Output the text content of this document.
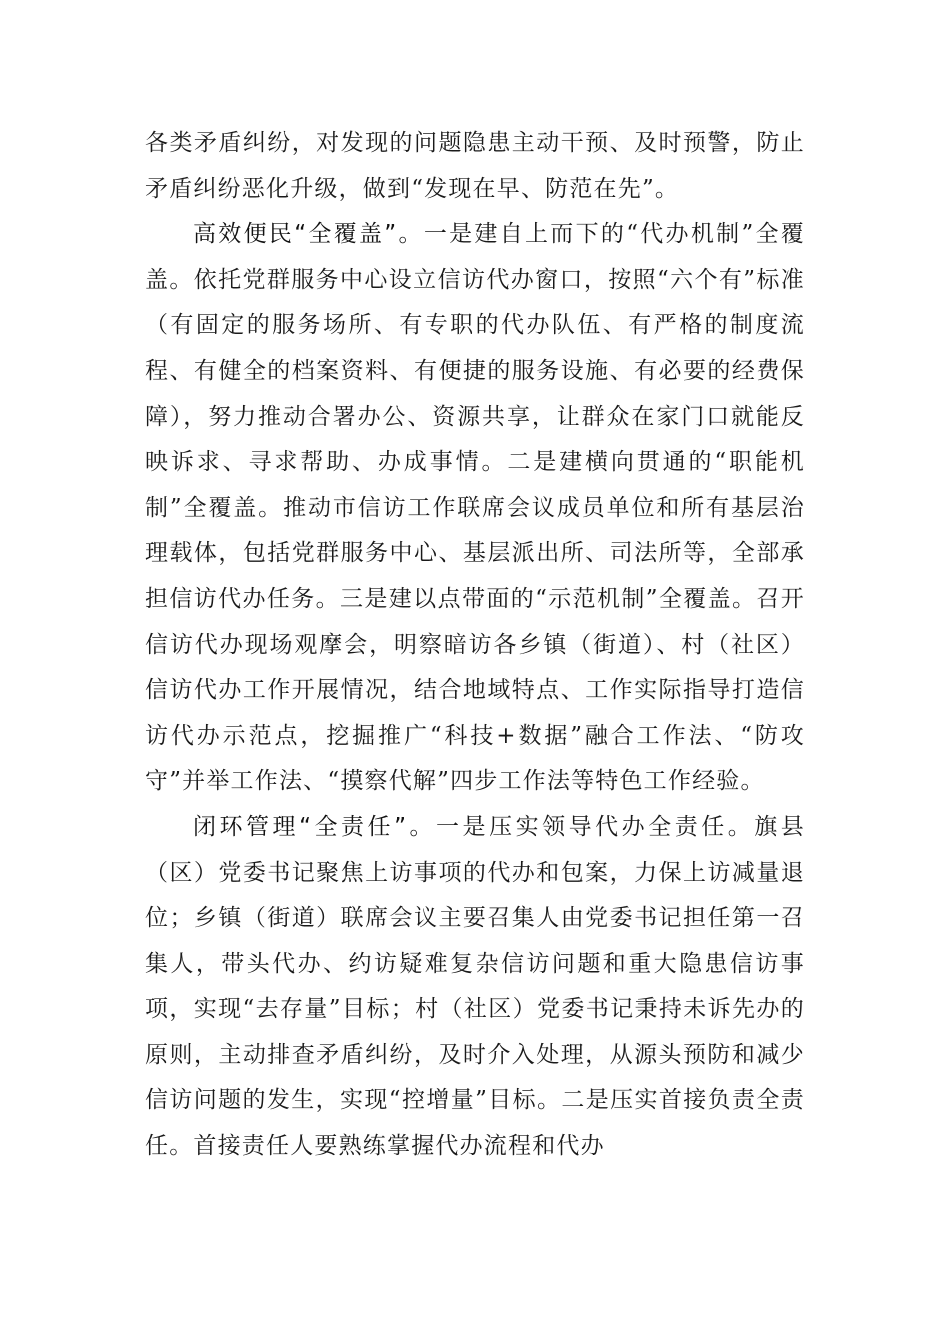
各类矛盾纠纷，对发现的问题隐患主动干预、及时预警，防止矛盾纠纷恶化升级，做到“发现在早、防范在先”。

高效便民“全覆盖”。一是建自上而下的“代办机制”全覆盖。依托党群服务中心设立信访代办窗口，按照“六个有”标准（有固定的服务场所、有专职的代办队伍、有严格的制度流程、有健全的档案资料、有便捷的服务设施、有必要的经费保障），努力推动合署办公、资源共享，让群众在家门口就能反映诉求、寻求帮助、办成事情。二是建横向贯通的“职能机制”全覆盖。推动市信访工作联席会议成员单位和所有基层治理载体，包括党群服务中心、基层派出所、司法所等，全部承担信访代办任务。三是建以点带面的“示范机制”全覆盖。召开信访代办现场观摩会，明察暗访各乡镇（街道）、村（社区）信访代办工作开展情况，结合地域特点、工作实际指导打造信访代办示范点，挖掘推广“科技+数据”融合工作法、“防攻守”并举工作法、“摸察代解”四步工作法等特色工作经验。

闭环管理“全责任”。一是压实领导代办全责任。旗县（区）党委书记聚焦上访事项的代办和包案，力保上访减量退位；乡镇（街道）联席会议主要召集人由党委书记担任第一召集人，带头代办、约访疑难复杂信访问题和重大隐患信访事项，实现“去存量”目标；村（社区）党委书记秉持未诉先办的原则，主动排查矛盾纠纷，及时介入处理，从源头预防和减少信访问题的发生，实现“控增量”目标。二是压实首接负责全责任。首接责任人要熟练掌握代办流程和代办
